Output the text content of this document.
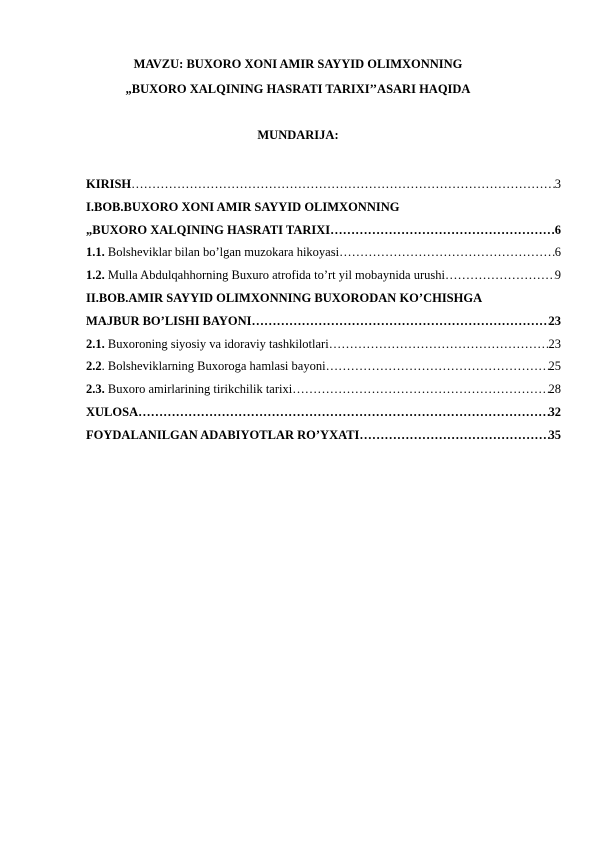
MAVZU: BUXORO XONI AMIR SAYYID OLIMXONNING
„BUXORO XALQINING HASRATI TARIXI’’ASARI HAQIDA
MUNDARIJA:
KIRISH ……………………………………………………………………………………………………………………………………………	3
I.BOB.BUXORO XONI AMIR SAYYID OLIMXONNING
„BUXORO XALQINING HASRATI TARIXI ……………………………………………………………………………………………………………………………………………	6
1.1. Bolsheviklar bilan bo’lgan muzokara hikoyasi ……………………………………………………………………………………………………………………………………………	6
1.2. Mulla Abdulqahhorning Buxuro atrofida to’rt yil mobaynida urushi ……………………………………………………………………………………………………………………………………………	9
II.BOB.AMIR SAYYID OLIMXONNING BUXORODAN KO’CHISHGA
MAJBUR BO’LISHI BAYONI ……………………………………………………………………………………………………………………………………………	23
2.1. Buxoroning siyosiy va idoraviy tashkilotlari ……………………………………………………………………………………………………………………………………………	23
2.2. Bolsheviklarning Buxoroga hamlasi bayoni ……………………………………………………………………………………………………………………………………………	25
2.3. Buxoro amirlarining tirikchilik tarixi ……………………………………………………………………………………………………………………………………………	28
XULOSA ……………………………………………………………………………………………………………………………………………	32
FOYDALANILGAN ADABIYOTLAR RO’YXATI ……………………………………………………………………………………………………………………………………………	35
